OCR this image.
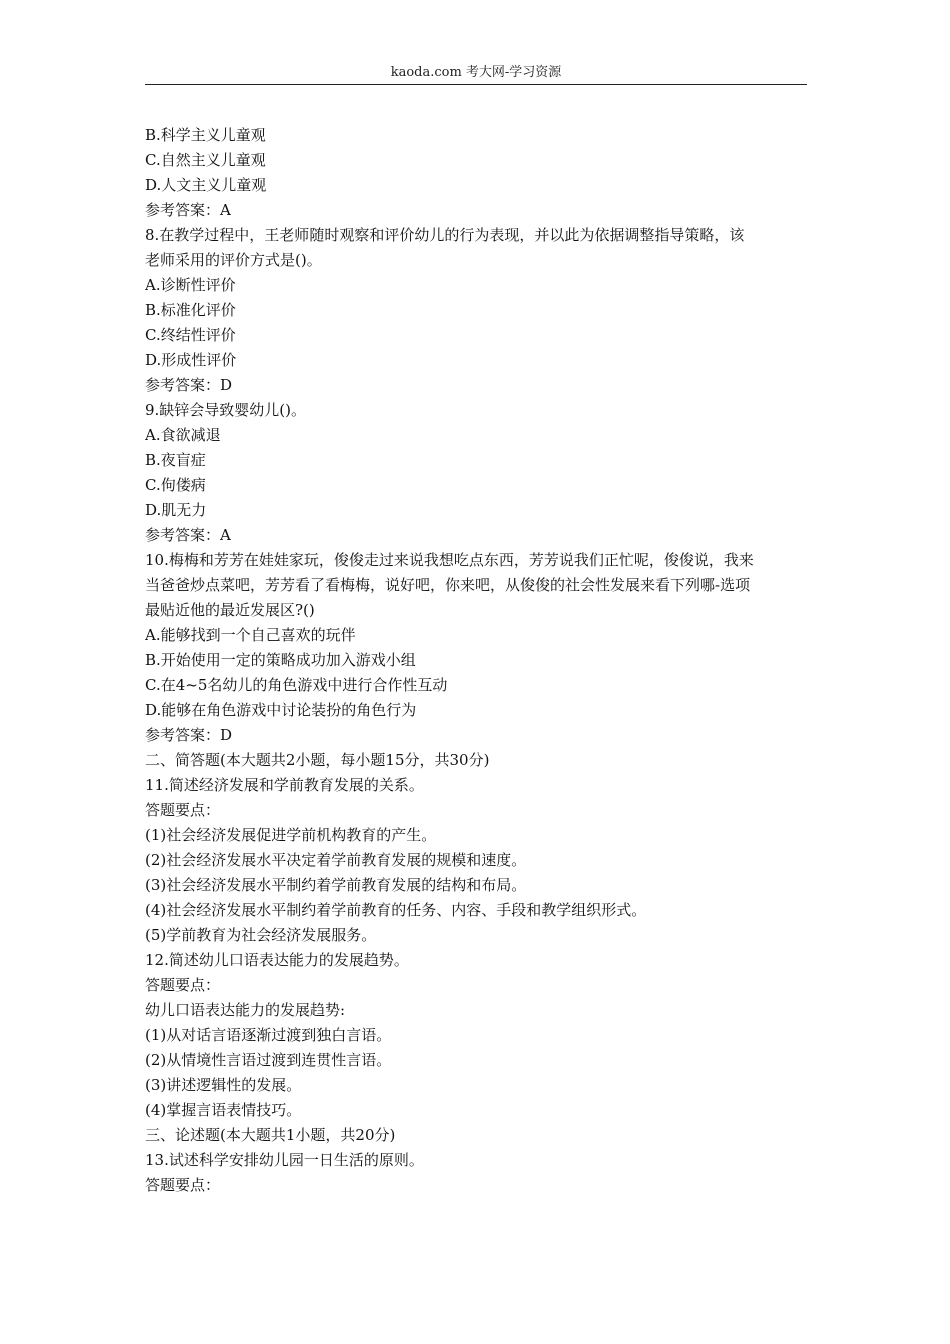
kaoda.com 考大网-学习资源
B.科学主义儿童观
C.自然主义儿童观
D.人文主义儿童观
参考答案：A
8.在教学过程中，王老师随时观察和评价幼儿的行为表现，并以此为依据调整指导策略，该
老师采用的评价方式是()。
A.诊断性评价
B.标准化评价
C.终结性评价
D.形成性评价
参考答案：D
9.缺锌会导致婴幼儿()。
A.食欲减退
B.夜盲症
C.佝偻病
D.肌无力
参考答案：A
10.梅梅和芳芳在娃娃家玩，俊俊走过来说我想吃点东西，芳芳说我们正忙呢，俊俊说，我来
当爸爸炒点菜吧，芳芳看了看梅梅，说好吧，你来吧，从俊俊的社会性发展来看下列哪-选项
最贴近他的最近发展区?()
A.能够找到一个自己喜欢的玩伴
B.开始使用一定的策略成功加入游戏小组
C.在4~5名幼儿的角色游戏中进行合作性互动
D.能够在角色游戏中讨论装扮的角色行为
参考答案：D
二、简答题(本大题共2小题，每小题15分，共30分)
11.简述经济发展和学前教育发展的关系。
答题要点：
(1)社会经济发展促进学前机构教育的产生。
(2)社会经济发展水平决定着学前教育发展的规模和速度。
(3)社会经济发展水平制约着学前教育发展的结构和布局。
(4)社会经济发展水平制约着学前教育的任务、内容、手段和教学组织形式。
(5)学前教育为社会经济发展服务。
12.简述幼儿口语表达能力的发展趋势。
答题要点：
幼儿口语表达能力的发展趋势:
(1)从对话言语逐渐过渡到独白言语。
(2)从情境性言语过渡到连贯性言语。
(3)讲述逻辑性的发展。
(4)掌握言语表情技巧。
三、论述题(本大题共1小题，共20分)
13.试述科学安排幼儿园一日生活的原则。
答题要点：
